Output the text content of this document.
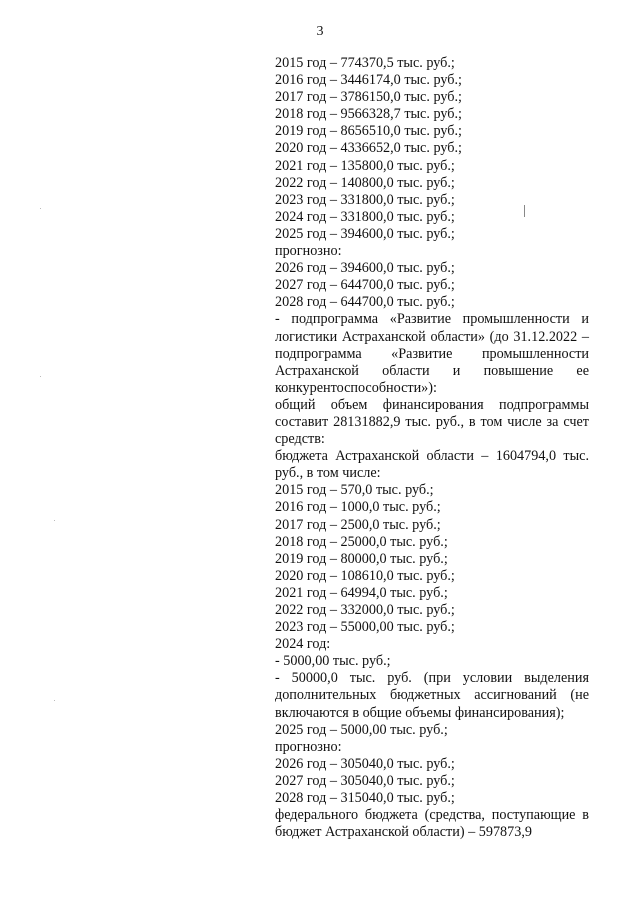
3
2015 год – 774370,5 тыс. руб.;
2016 год – 3446174,0 тыс. руб.;
2017 год – 3786150,0 тыс. руб.;
2018 год – 9566328,7 тыс. руб.;
2019 год – 8656510,0 тыс. руб.;
2020 год – 4336652,0 тыс. руб.;
2021 год – 135800,0 тыс. руб.;
2022 год – 140800,0 тыс. руб.;
2023 год – 331800,0 тыс. руб.;
2024 год – 331800,0 тыс. руб.;
2025 год – 394600,0 тыс. руб.;
прогнозно:
2026 год – 394600,0 тыс. руб.;
2027 год – 644700,0 тыс. руб.;
2028 год – 644700,0 тыс. руб.;
- подпрограмма «Развитие промышленности и логистики Астраханской области» (до 31.12.2022 – подпрограмма «Развитие промышленности Астраханской области и повышение ее конкурентоспособности»):
общий объем финансирования подпрограммы составит 28131882,9 тыс. руб., в том числе за счет средств:
бюджета Астраханской области – 1604794,0 тыс. руб., в том числе:
2015 год – 570,0 тыс. руб.;
2016 год – 1000,0 тыс. руб.;
2017 год – 2500,0 тыс. руб.;
2018 год – 25000,0 тыс. руб.;
2019 год – 80000,0 тыс. руб.;
2020 год – 108610,0 тыс. руб.;
2021 год – 64994,0 тыс. руб.;
2022 год – 332000,0 тыс. руб.;
2023 год – 55000,00 тыс. руб.;
2024 год:
- 5000,00 тыс. руб.;
- 50000,0 тыс. руб. (при условии выделения дополнительных бюджетных ассигнований (не включаются в общие объемы финансирования);
2025 год – 5000,00 тыс. руб.;
прогнозно:
2026 год – 305040,0 тыс. руб.;
2027 год – 305040,0 тыс. руб.;
2028 год – 315040,0 тыс. руб.;
федерального бюджета (средства, поступающие в бюджет Астраханской области) – 597873,9
